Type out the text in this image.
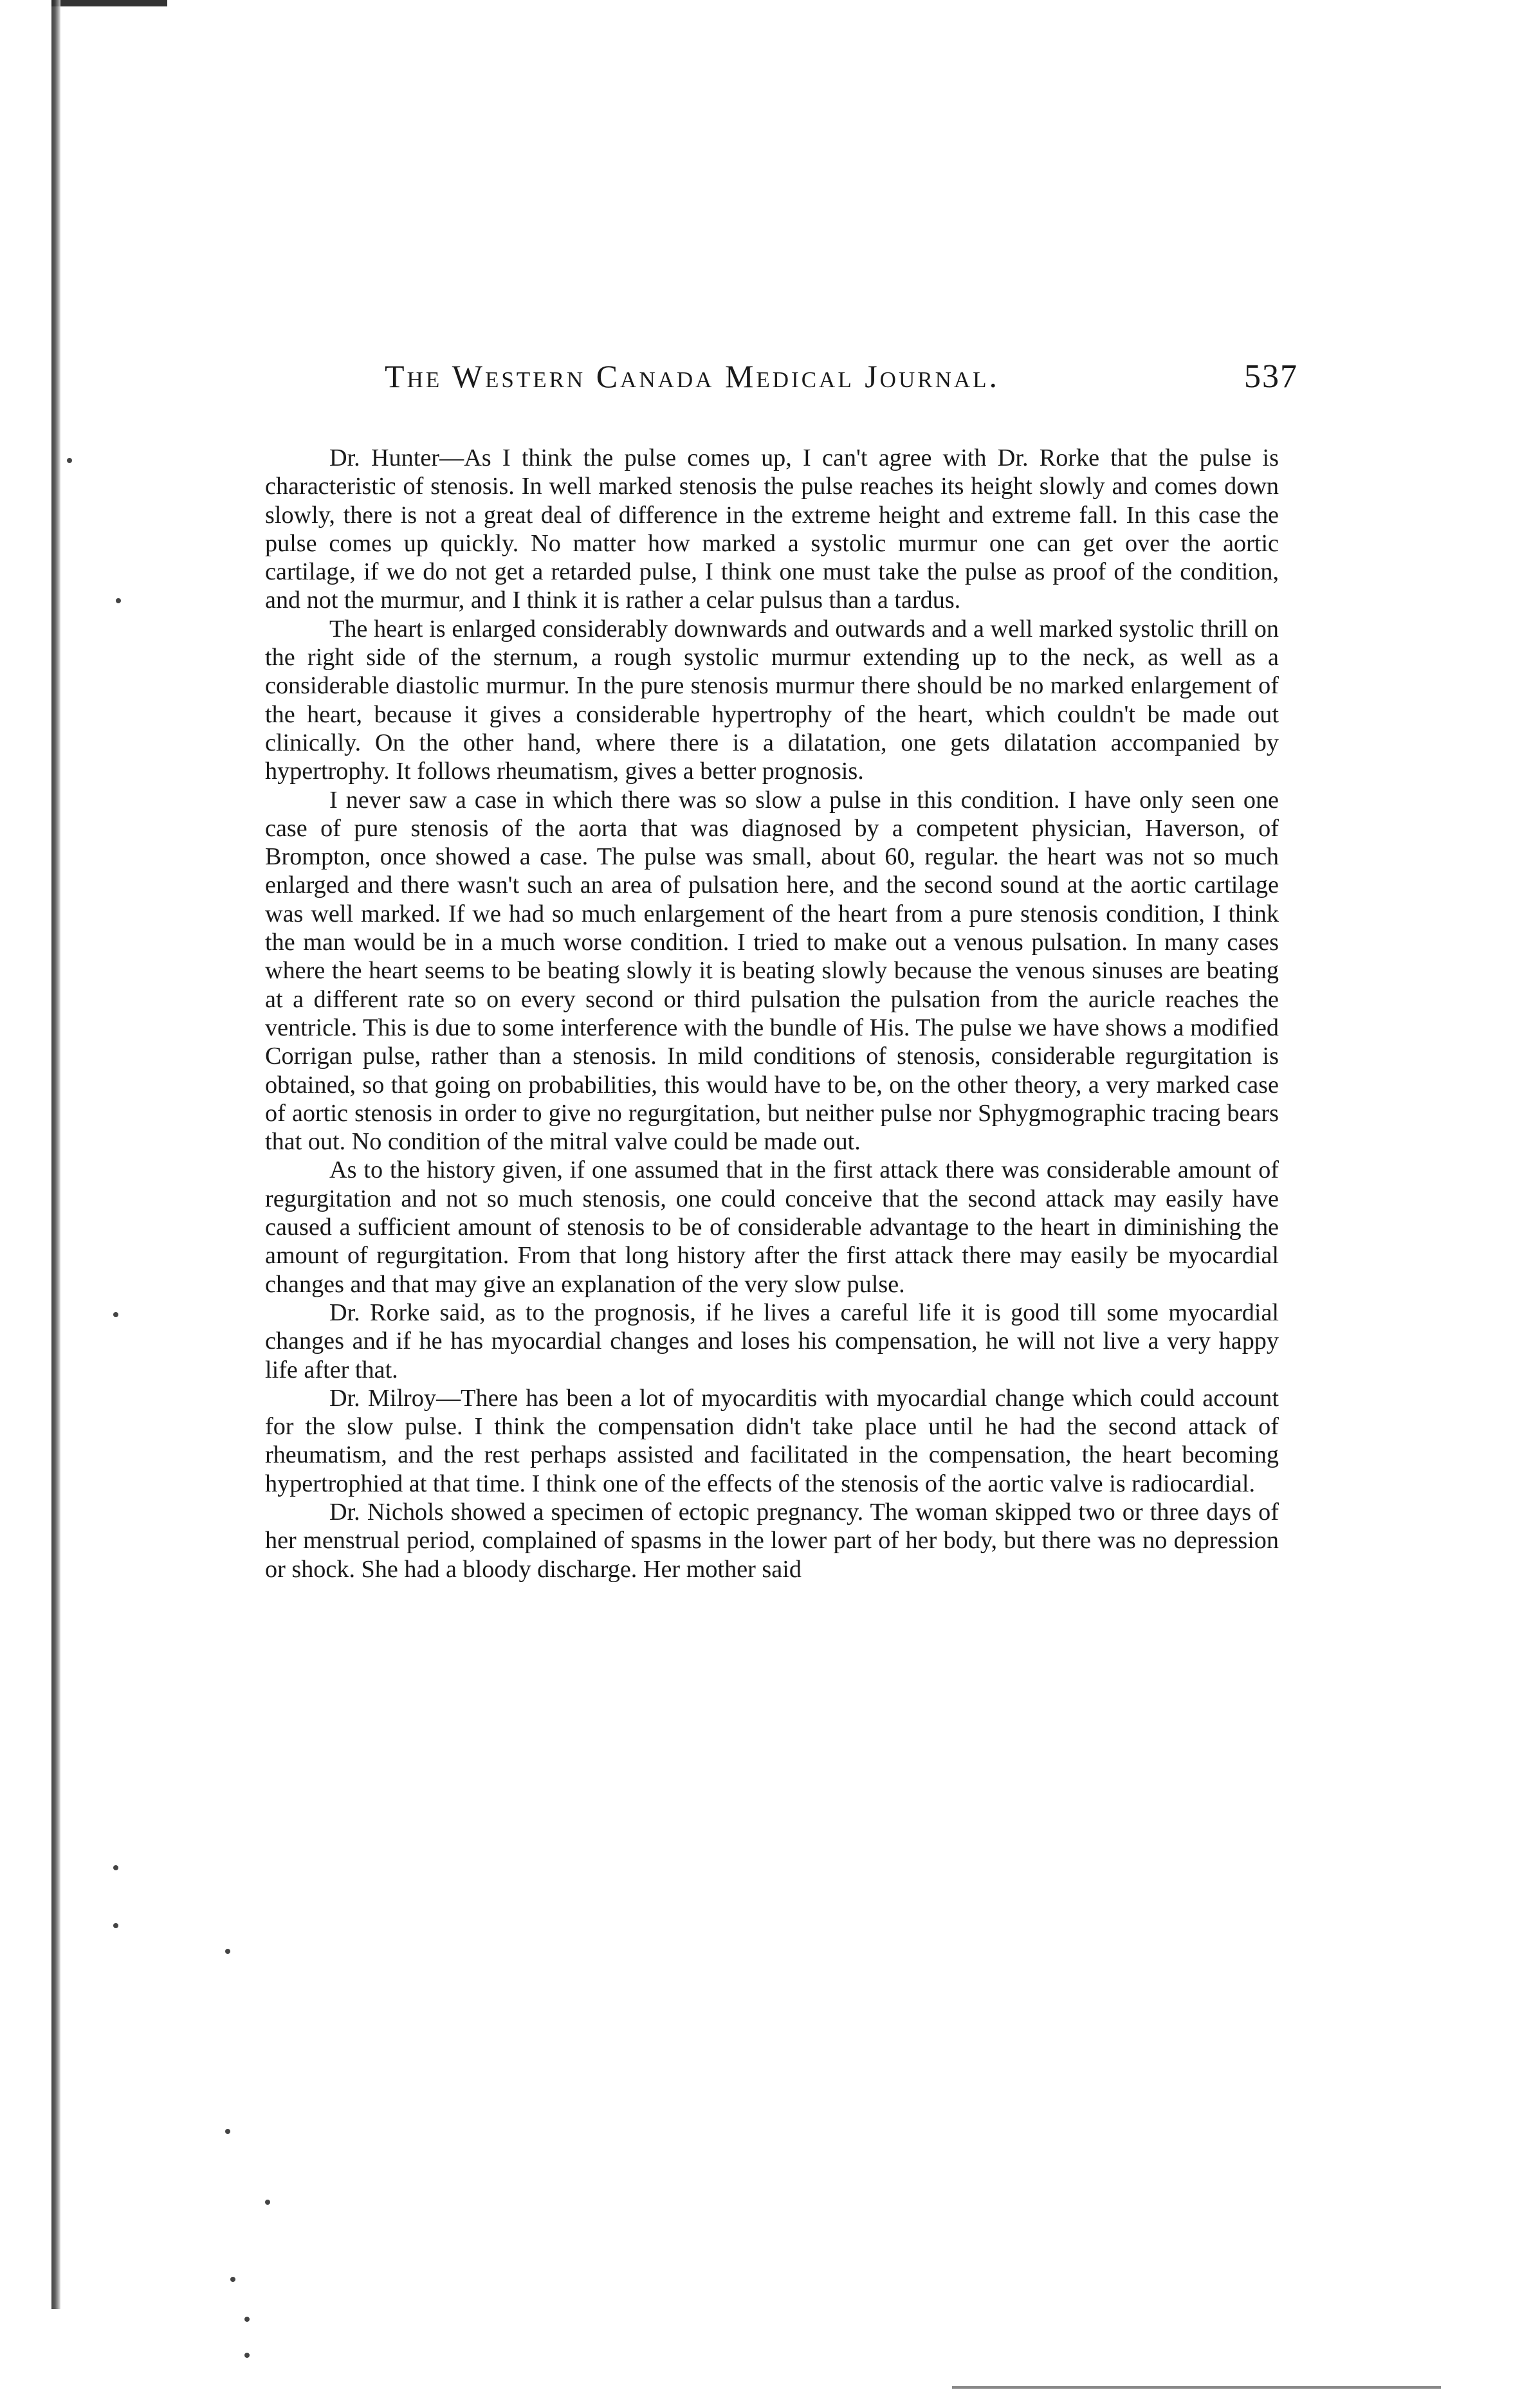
The Western Canada Medical Journal.	537

Dr. Hunter—As I think the pulse comes up, I can't agree with Dr. Rorke that the pulse is characteristic of stenosis. In well marked stenosis the pulse reaches its height slowly and comes down slowly, there is not a great deal of difference in the extreme height and extreme fall. In this case the pulse comes up quickly. No matter how marked a systolic murmur one can get over the aortic cartilage, if we do not get a retarded pulse, I think one must take the pulse as proof of the condition, and not the murmur, and I think it is rather a celar pulsus than a tardus.

The heart is enlarged considerably downwards and outwards and a well marked systolic thrill on the right side of the sternum, a rough systolic murmur extending up to the neck, as well as a considerable diastolic murmur. In the pure stenosis murmur there should be no marked enlargement of the heart, because it gives a considerable hypertrophy of the heart, which couldn't be made out clinically. On the other hand, where there is a dilatation, one gets dilatation accompanied by hypertrophy. It follows rheumatism, gives a better prognosis.

I never saw a case in which there was so slow a pulse in this condition. I have only seen one case of pure stenosis of the aorta that was diagnosed by a competent physician, Haverson, of Brompton, once showed a case. The pulse was small, about 60, regular. the heart was not so much enlarged and there wasn't such an area of pulsation here, and the second sound at the aortic cartilage was well marked. If we had so much enlargement of the heart from a pure stenosis condition, I think the man would be in a much worse condition. I tried to make out a venous pulsation. In many cases where the heart seems to be beating slowly it is beating slowly because the venous sinuses are beating at a different rate so on every second or third pulsation the pulsation from the auricle reaches the ventricle. This is due to some interference with the bundle of His. The pulse we have shows a modified Corrigan pulse, rather than a stenosis. In mild conditions of stenosis, considerable regurgitation is obtained, so that going on probabilities, this would have to be, on the other theory, a very marked case of aortic stenosis in order to give no regurgitation, but neither pulse nor Sphygmographic tracing bears that out. No condition of the mitral valve could be made out.

As to the history given, if one assumed that in the first attack there was considerable amount of regurgitation and not so much stenosis, one could conceive that the second attack may easily have caused a sufficient amount of stenosis to be of considerable advantage to the heart in diminishing the amount of regurgitation. From that long history after the first attack there may easily be myocardial changes and that may give an explanation of the very slow pulse.

Dr. Rorke said, as to the prognosis, if he lives a careful life it is good till some myocardial changes and if he has myocardial changes and loses his compensation, he will not live a very happy life after that.

Dr. Milroy—There has been a lot of myocarditis with myocardial change which could account for the slow pulse. I think the compensation didn't take place until he had the second attack of rheumatism, and the rest perhaps assisted and facilitated in the compensation, the heart becoming hypertrophied at that time. I think one of the effects of the stenosis of the aortic valve is radiocardial.

Dr. Nichols showed a specimen of ectopic pregnancy. The woman skipped two or three days of her menstrual period, complained of spasms in the lower part of her body, but there was no depression or shock. She had a bloody discharge. Her mother said
